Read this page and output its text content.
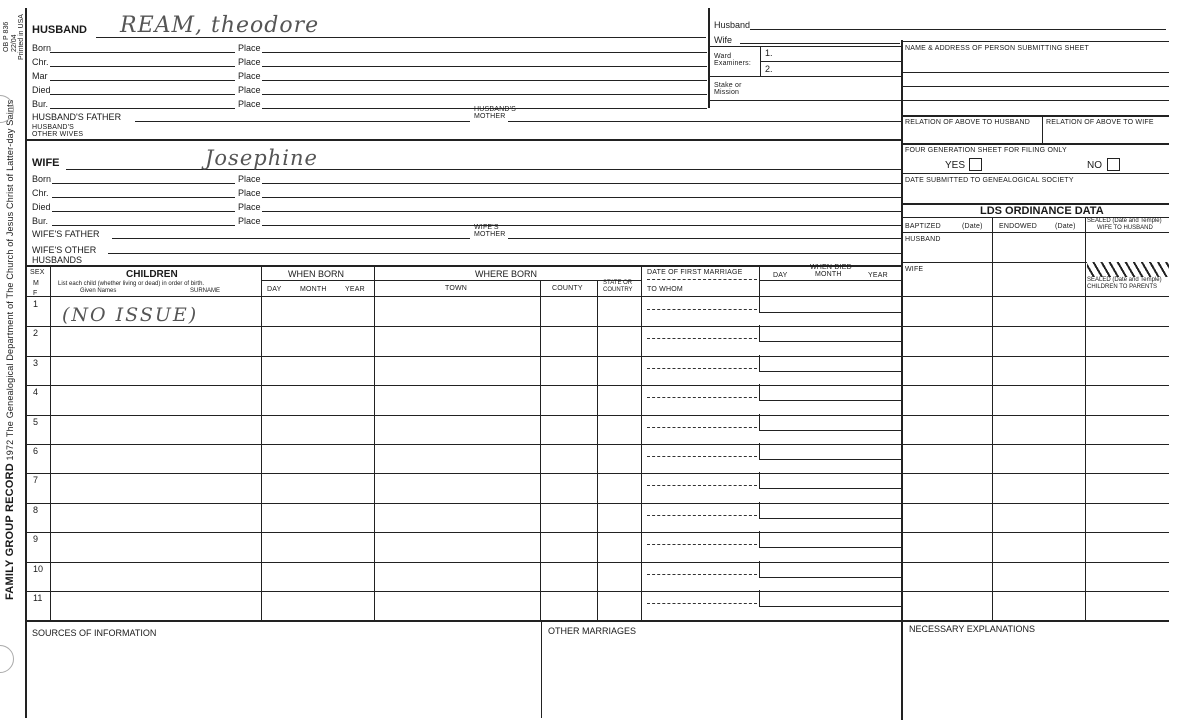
FAMILY GROUP RECORD 1972 The Genealogical Department of The Church of Jesus Christ of Latter-day Saints
OB P 836 22/04 Printed in USA HUSBAND REAM, theodore
Born	Place
Chr.	Place
Mar	Place
Died	Place
Bur.	Place
HUSBAND'S FATHER
HUSBAND'S
MOTHER
HUSBAND'S
OTHER WIVES
Husband
Wife
Ward
Examiners:
1.
2.
Stake or
Mission
NAME & ADDRESS OF PERSON SUBMITTING SHEET
RELATION OF ABOVE TO HUSBAND RELATION OF ABOVE TO WIFE
FOUR GENERATION SHEET FOR FILING ONLY
YES	NO
DATE SUBMITTED TO GENEALOGICAL SOCIETY
LDS ORDINANCE DATA
BAPTIZED	(Date) ENDOWED	(Date)
SEALED (Date and Temple)
WIFE TO HUSBAND
HUSBAND
WIFE
SEALED (Date and Temple)
CHILDREN TO PARENTS
WIFE	Josephine
Born	Place
Chr.	Place
Died	Place
Bur.	Place
WIFE'S FATHER
WIFE'S
MOTHER
WIFE'S OTHER
HUSBANDS
SEX
M
F
CHILDREN
List each child (whether living or dead) in order of birth.
Given Names	SURNAME
WHEN BORN
DAY	MONTH	YEAR
WHERE BORN
TOWN	COUNTY
STATE OR
COUNTRY
DATE OF FIRST MARRIAGE
TO WHOM
WHEN DIED
DAY	MONTH	YEAR
(NO ISSUE)
1
2
3
4
5
6
7
8
9
10
11
SOURCES OF INFORMATION	OTHER MARRIAGES	NECESSARY EXPLANATIONS
